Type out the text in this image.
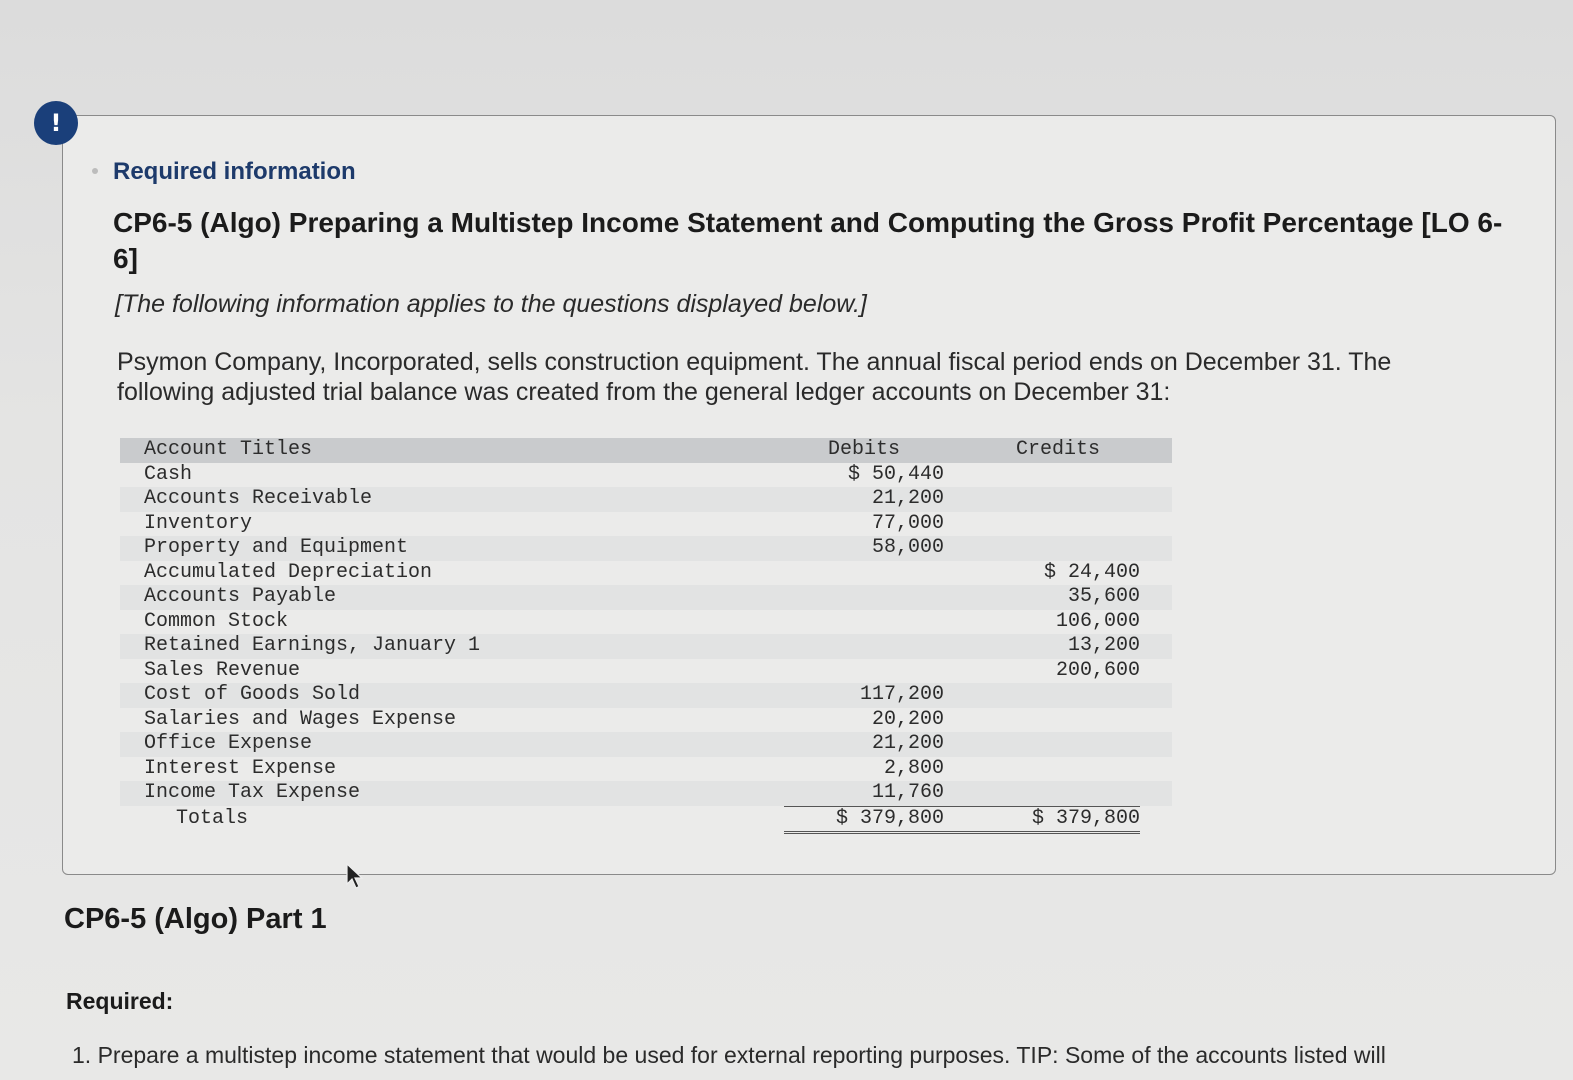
!
Required information
CP6-5 (Algo) Preparing a Multistep Income Statement and Computing the Gross Profit Percentage [LO 6-6]
[The following information applies to the questions displayed below.]
Psymon Company, Incorporated, sells construction equipment. The annual fiscal period ends on December 31. The following adjusted trial balance was created from the general ledger accounts on December 31:
Account Titles	Debits		Credits	
Cash	$ 50,440			
Accounts Receivable	21,200			
Inventory	77,000			
Property and Equipment	58,000			
Accumulated Depreciation			$ 24,400	
Accounts Payable			35,600	
Common Stock			106,000	
Retained Earnings, January 1			13,200	
Sales Revenue			200,600	
Cost of Goods Sold	117,200			
Salaries and Wages Expense	20,200			
Office Expense	21,200			
Interest Expense	2,800			
Income Tax Expense	11,760			
Totals	$ 379,800		$ 379,800	
CP6-5 (Algo) Part 1
Required:
1. Prepare a multistep income statement that would be used for external reporting purposes. TIP: Some of the accounts listed will
